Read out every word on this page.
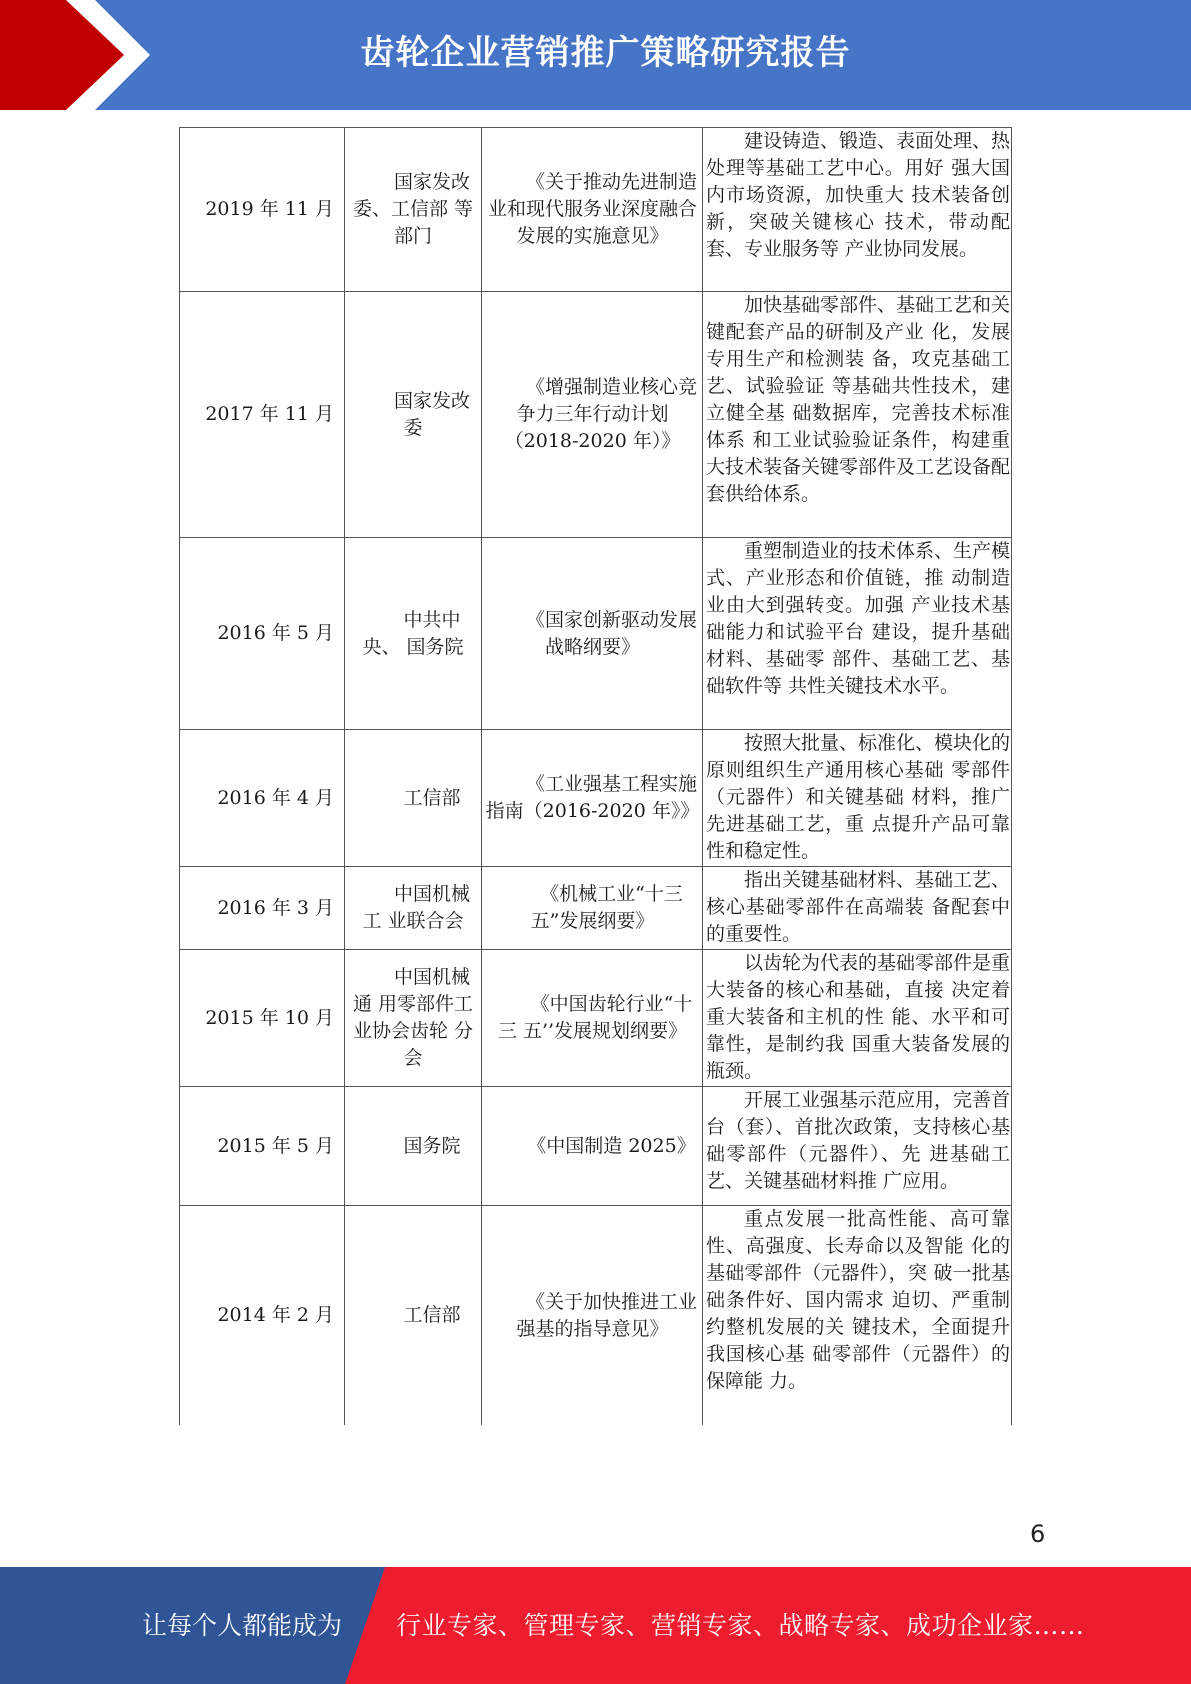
齿轮企业营销推广策略研究报告
2019 年 11 月	国家发改委、工信部 等部门	《关于推动先进制造 业和现代服务业深度融合发展的实施意见》	建设铸造、锻造、表面处理、热处理等基础工艺中心。用好 强大国内市场资源，加快重大 技术装备创新，突破关键核心 技术，带动配套、专业服务等 产业协同发展。

2017 年 11 月	国家发改委	《增强制造业核心竞 争力三年行动计划（2018-2020 年）》	加快基础零部件、基础工艺和关键配套产品的研制及产业 化，发展专用生产和检测装 备，攻克基础工艺、试验验证 等基础共性技术，建立健全基 础数据库，完善技术标准体系 和工业试验验证条件，构建重 大技术装备关键零部件及工艺设备配套供给体系。

2016 年 5 月	中共中央、 国务院	《国家创新驱动发展 战略纲要》	重塑制造业的技术体系、生产模式、产业形态和价值链，推 动制造业由大到强转变。加强 产业技术基础能力和试验平台 建设，提升基础材料、基础零 部件、基础工艺、基础软件等 共性关键技术水平。

2016 年 4 月	工信部	《工业强基工程实施 指南（2016-2020 年》》	按照大批量、标准化、模块化的原则组织生产通用核心基础 零部件（元器件）和关键基础 材料，推广先进基础工艺，重 点提升产品可靠性和稳定性。

2016 年 3 月	中国机械工 业联合会	《机械工业“十三五”发展纲要》	指出关键基础材料、基础工艺、核心基础零部件在高端装 备配套中的重要性。

2015 年 10 月	中国机械通 用零部件工业协会齿轮 分会	《中国齿轮行业“十三 五’’发展规划纲要》	以齿轮为代表的基础零部件是重大装备的核心和基础，直接 决定着重大装备和主机的性 能、水平和可靠性，是制约我 国重大装备发展的瓶颈。

2015 年 5 月	国务院	《中国制造 2025》	开展工业强基示范应用，完善首台（套）、首批次政策，支持核心基础零部件（元器件）、先 进基础工艺、关键基础材料推 广应用。

2014 年 2 月	工信部	《关于加快推进工业 强基的指导意见》	重点发展一批高性能、高可靠性、高强度、长寿命以及智能 化的基础零部件（元器件），突 破一批基础条件好、国内需求 迫切、严重制约整机发展的关 键技术，全面提升我国核心基 础零部件（元器件）的保障能 力。
6
让每个人都能成为 行业专家、管理专家、营销专家、战略专家、成功企业家……
